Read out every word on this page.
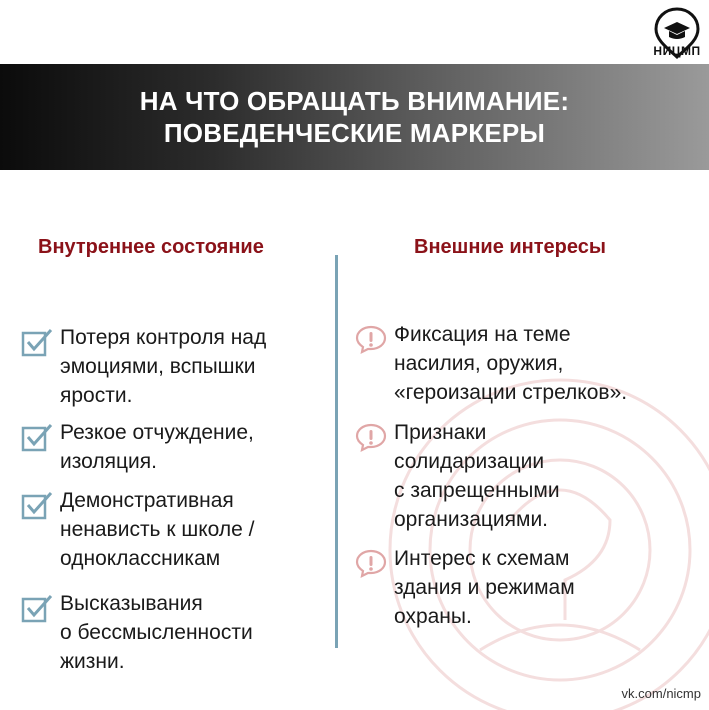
НИЦМП
НА ЧТО ОБРАЩАТЬ ВНИМАНИЕ:
ПОВЕДЕНЧЕСКИЕ МАРКЕРЫ
Внутреннее состояние	Внешние интересы
Потеря контроля над
эмоциями, вспышки
ярости.
Резкое отчуждение,
изоляция.
Демонстративная
ненависть к школе /
одноклассникам
Высказывания
о бессмысленности
жизни.
Фиксация на теме
насилия, оружия,
«героизации стрелков».
Признаки
солидаризации
с запрещенными
организациями.
Интерес к схемам
здания и режимам
охраны.
vk.com/nicmp
